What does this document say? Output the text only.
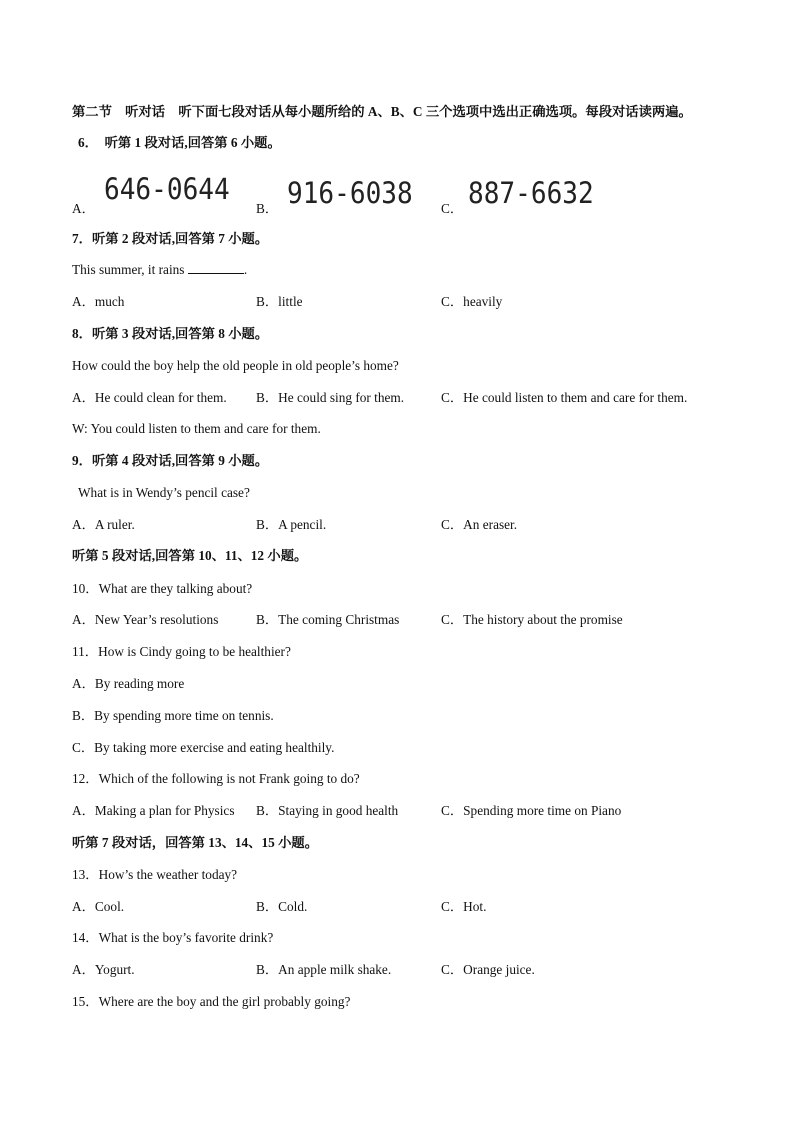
第二节　听对话　听下面七段对话从每小题所给的 A、B、C 三个选项中选出正确选项。每段对话读两遍。
6．　听第 1 段对话,回答第 6 小题。
A．
646-0644
B． 916-6038 C． 887-6632
7．听第 2 段对话,回答第 7 小题。
This summer, it rains	.
A．much	B．little	C．heavily
8．听第 3 段对话,回答第 8 小题。
How could the boy help the old people in old people’s home?
A．He could clean for them. B．He could sing for them.	C．He could listen to them and care for them.
W: You could listen to them and care for them.
9．听第 4 段对话,回答第 9 小题。
What is in Wendy’s pencil case?
A．A ruler.	B．A pencil.	C．An eraser.
听第 5 段对话,回答第 10、11、12 小题。
10．What are they talking about?
A．New Year’s resolutions	B．The coming Christmas	C．The history about the promise
11．How is Cindy going to be healthier?
A．By reading more
B．By spending more time on tennis.
C．By taking more exercise and eating healthily.
12．Which of the following is not Frank going to do?
A．Making a plan for Physics B．Staying in good health	C．Spending more time on Piano
听第 7 段对话，回答第 13、14、15 小题。
13．How’s the weather today?
A．Cool.	B．Cold.	C．Hot.
14．What is the boy’s favorite drink?
A．Yogurt.	B．An apple milk shake.	C．Orange juice.
15．Where are the boy and the girl probably going?
